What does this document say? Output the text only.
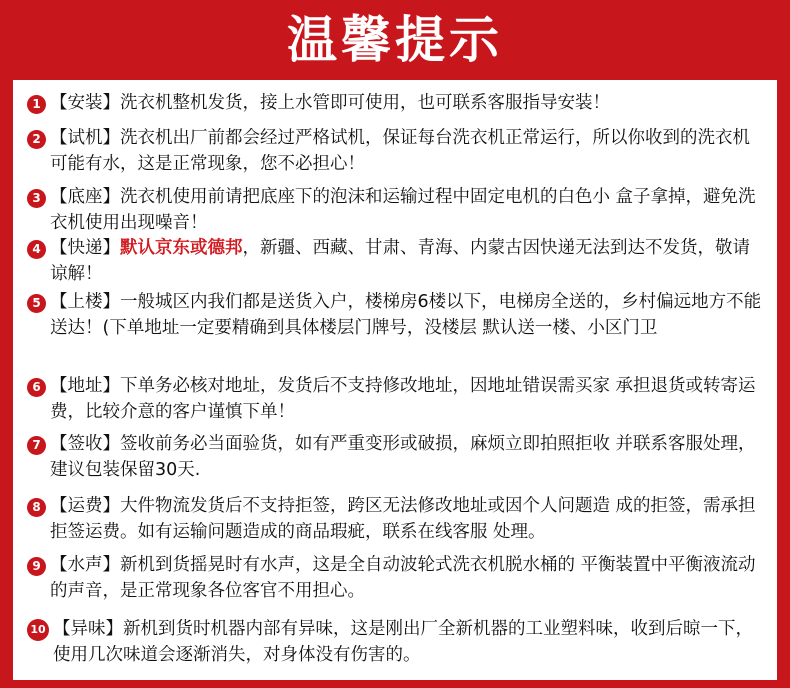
温馨提示
1 【安装】洗衣机整机发货，接上水管即可使用，也可联系客服指导安装！
2 【试机】洗衣机出厂前都会经过严格试机，保证每台洗衣机正常运行，所以你收到的洗衣机可能有水，这是正常现象，您不必担心！
3 【底座】洗衣机使用前请把底座下的泡沫和运输过程中固定电机的白色小 盒子拿掉，避免洗衣机使用出现噪音！
4 【快递】默认京东或德邦，新疆、西藏、甘肃、青海、内蒙古因快递无法到达不发货，敬请谅解！
5 【上楼】一般城区内我们都是送货入户，楼梯房6楼以下，电梯房全送的，乡村偏远地方不能送达！(下单地址一定要精确到具体楼层门牌号，没楼层 默认送一楼、小区门卫
6 【地址】下单务必核对地址，发货后不支持修改地址，因地址错误需买家 承担退货或转寄运费，比较介意的客户谨慎下单！
7 【签收】签收前务必当面验货，如有严重变形或破损，麻烦立即拍照拒收 并联系客服处理，建议包装保留30天.
8 【运费】大件物流发货后不支持拒签，跨区无法修改地址或因个人问题造 成的拒签，需承担拒签运费。如有运输问题造成的商品瑕疵，联系在线客服 处理。
9 【水声】新机到货摇晃时有水声，这是全自动波轮式洗衣机脱水桶的 平衡装置中平衡液流动的声音，是正常现象各位客官不用担心。
10 【异味】新机到货时机器内部有异味，这是刚出厂全新机器的工业塑料味，收到后晾一下，使用几次味道会逐渐消失，对身体没有伤害的。
